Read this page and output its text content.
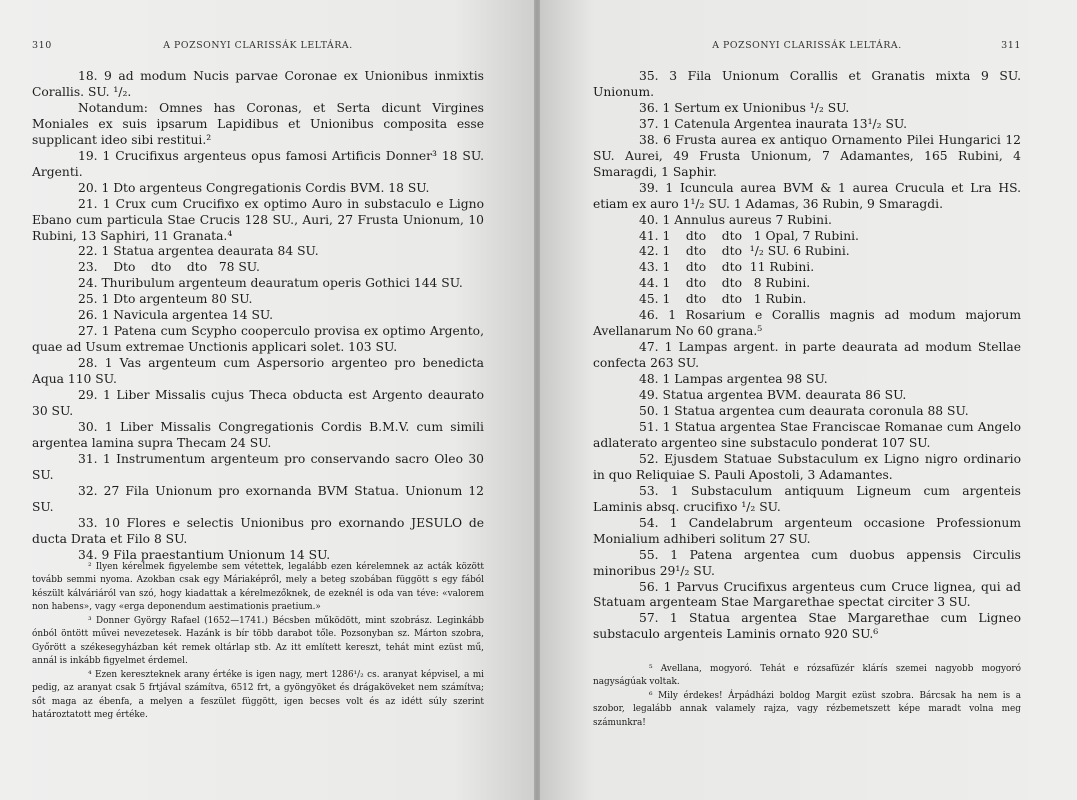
310	A POZSONYI CLARISSÁK LELTÁRA.

18. 9 ad modum Nucis parvae Coronae ex Unionibus inmixtis Corallis. SU. ¹/₂.

Notandum: Omnes has Coronas, et Serta dicunt Virgines Moniales ex suis ipsarum Lapidibus et Unionibus composita esse supplicant ideo sibi restitui.²

19. 1 Crucifixus argenteus opus famosi Artificis Donner³ 18 SU. Argenti.

20. 1 Dto argenteus Congregationis Cordis BVM. 18 SU.

21. 1 Crux cum Crucifixo ex optimo Auro in substaculo e Ligno Ebano cum particula Stae Crucis 128 SU., Auri, 27 Frusta Unionum, 10 Rubini, 13 Saphiri, 11 Granata.⁴

22. 1 Statua argentea deaurata 84 SU.

23.    Dto    dto    dto   78 SU.

24. Thuribulum argenteum deauratum operis Gothici 144 SU.

25. 1 Dto argenteum 80 SU.

26. 1 Navicula argentea 14 SU.

27. 1 Patena cum Scypho cooperculo provisa ex optimo Argento, quae ad Usum extremae Unctionis applicari solet. 103 SU.

28. 1 Vas argenteum cum Aspersorio argenteo pro benedicta Aqua 110 SU.

29. 1 Liber Missalis cujus Theca obducta est Argento deaurato 30 SU.

30. 1 Liber Missalis Congregationis Cordis B.M.V. cum simili argentea lamina supra Thecam 24 SU.

31. 1 Instrumentum argenteum pro conservando sacro Oleo 30 SU.

32. 27 Fila Unionum pro exornanda BVM Statua. Unionum 12 SU.

33. 10 Flores e selectis Unionibus pro exornando JESULO de ducta Drata et Filo 8 SU.

34. 9 Fila praestantium Unionum 14 SU.

² Ilyen kérelmek figyelembe sem vétettek, legalább ezen kérelemnek az acták között tovább semmi nyoma. Azokban csak egy Máriaképről, mely a beteg szobában függött s egy fából készült kálváriáról van szó, hogy kiadattak a kérelmezőknek, de ezeknél is oda van téve: «valorem non habens», vagy «erga deponendum aestimationis praetium.»

³ Donner György Rafael (1652—1741.) Bécsben működött, mint szobrász. Leginkább ónból öntött művei nevezetesek. Hazánk is bír több darabot tőle. Pozsonyban sz. Márton szobra, Győrött a székesegyházban két remek oltárlap stb. Az itt említett kereszt, tehát mint ezüst mű, annál is inkább figyelmet érdemel.

⁴ Ezen kereszteknek arany értéke is igen nagy, mert 1286¹/₂ cs. aranyat képvisel, a mi pedig, az aranyat csak 5 frtjával számítva, 6512 frt, a gyöngyöket és drágaköveket nem számítva; sőt maga az ébenfa, a melyen a feszület függött, igen becses volt és az idétt súly szerint határoztatott meg értéke.

A POZSONYI CLARISSÁK LELTÁRA.	311

35. 3 Fila Unionum Corallis et Granatis mixta 9 SU. Unionum.

36. 1 Sertum ex Unionibus ¹/₂ SU.

37. 1 Catenula Argentea inaurata 13¹/₂ SU.

38. 6 Frusta aurea ex antiquo Ornamento Pilei Hungarici 12 SU. Aurei, 49 Frusta Unionum, 7 Adamantes, 165 Rubini, 4 Smaragdi, 1 Saphir.

39. 1 Icuncula aurea BVM & 1 aurea Crucula et Lra HS. etiam ex auro 1¹/₂ SU. 1 Adamas, 36 Rubin, 9 Smaragdi.

40. 1 Annulus aureus 7 Rubini.

41. 1    dto    dto   1 Opal, 7 Rubini.

42. 1    dto    dto  ¹/₂ SU. 6 Rubini.

43. 1    dto    dto  11 Rubini.

44. 1    dto    dto   8 Rubini.

45. 1    dto    dto   1 Rubin.

46. 1 Rosarium e Corallis magnis ad modum majorum Avellanarum No 60 grana.⁵

47. 1 Lampas argent. in parte deaurata ad modum Stellae confecta 263 SU.

48. 1 Lampas argentea 98 SU.

49. Statua argentea BVM. deaurata 86 SU.

50. 1 Statua argentea cum deaurata coronula 88 SU.

51. 1 Statua argentea Stae Franciscae Romanae cum Angelo adlaterato argenteo sine substaculo ponderat 107 SU.

52. Ejusdem Statuae Substaculum ex Ligno nigro ordinario in quo Reliquiae S. Pauli Apostoli, 3 Adamantes.

53. 1 Substaculum antiquum Ligneum cum argenteis Laminis absq. crucifixo ¹/₂ SU.

54. 1 Candelabrum argenteum occasione Professionum Monialium adhiberi solitum 27 SU.

55. 1 Patena argentea cum duobus appensis Circulis minoribus 29¹/₂ SU.

56. 1 Parvus Crucifixus argenteus cum Cruce lignea, qui ad Statuam argenteam Stae Margarethae spectat circiter 3 SU.

57. 1 Statua argentea Stae Margarethae cum Ligneo substaculo argenteis Laminis ornato 920 SU.⁶

⁵ Avellana, mogyoró. Tehát e rózsafüzér klárís szemei nagyobb mogyoró nagyságúak voltak.

⁶ Mily érdekes! Árpádházi boldog Margit ezüst szobra. Bárcsak ha nem is a szobor, legalább annak valamely rajza, vagy rézbemetszett képe maradt volna meg számunkra!
